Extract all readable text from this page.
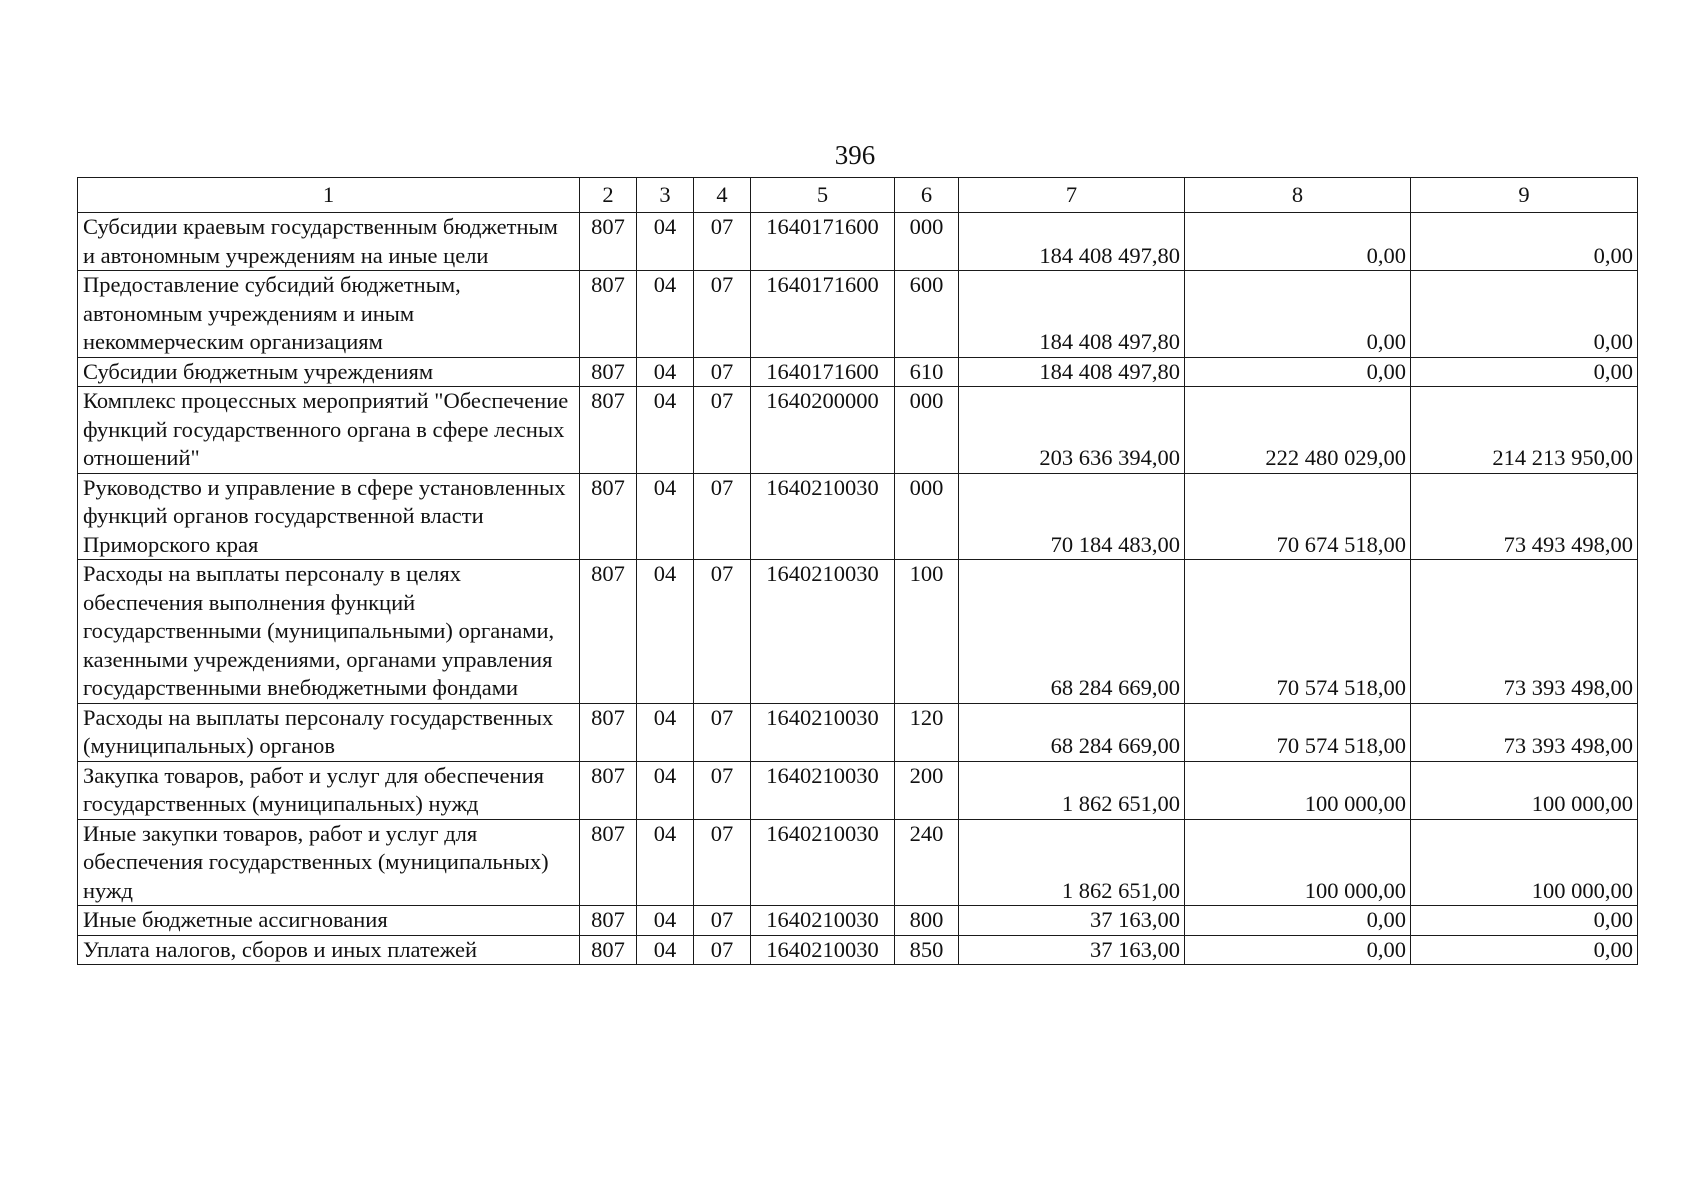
396
1	2	3	4	5	6	7	8	9
Субсидии краевым государственным бюджетным и автономным учреждениям на иные цели	807	04	07	1640171600	000	184 408 497,80	0,00	0,00
Предоставление субсидий бюджетным, автономным учреждениям и иным некоммерческим организациям	807	04	07	1640171600	600	184 408 497,80	0,00	0,00
Субсидии бюджетным учреждениям	807	04	07	1640171600	610	184 408 497,80	0,00	0,00
Комплекс процессных мероприятий "Обеспечение функций государственного органа в сфере лесных отношений"	807	04	07	1640200000	000	203 636 394,00	222 480 029,00	214 213 950,00
Руководство и управление в сфере установленных функций органов государственной власти Приморского края	807	04	07	1640210030	000	70 184 483,00	70 674 518,00	73 493 498,00
Расходы на выплаты персоналу в целях обеспечения выполнения функций государственными (муниципальными) органами, казенными учреждениями, органами управления государственными внебюджетными фондами	807	04	07	1640210030	100	68 284 669,00	70 574 518,00	73 393 498,00
Расходы на выплаты персоналу государственных (муниципальных) органов	807	04	07	1640210030	120	68 284 669,00	70 574 518,00	73 393 498,00
Закупка товаров, работ и услуг для обеспечения государственных (муниципальных) нужд	807	04	07	1640210030	200	1 862 651,00	100 000,00	100 000,00
Иные закупки товаров, работ и услуг для обеспечения государственных (муниципальных) нужд	807	04	07	1640210030	240	1 862 651,00	100 000,00	100 000,00
Иные бюджетные ассигнования	807	04	07	1640210030	800	37 163,00	0,00	0,00
Уплата налогов, сборов и иных платежей	807	04	07	1640210030	850	37 163,00	0,00	0,00
